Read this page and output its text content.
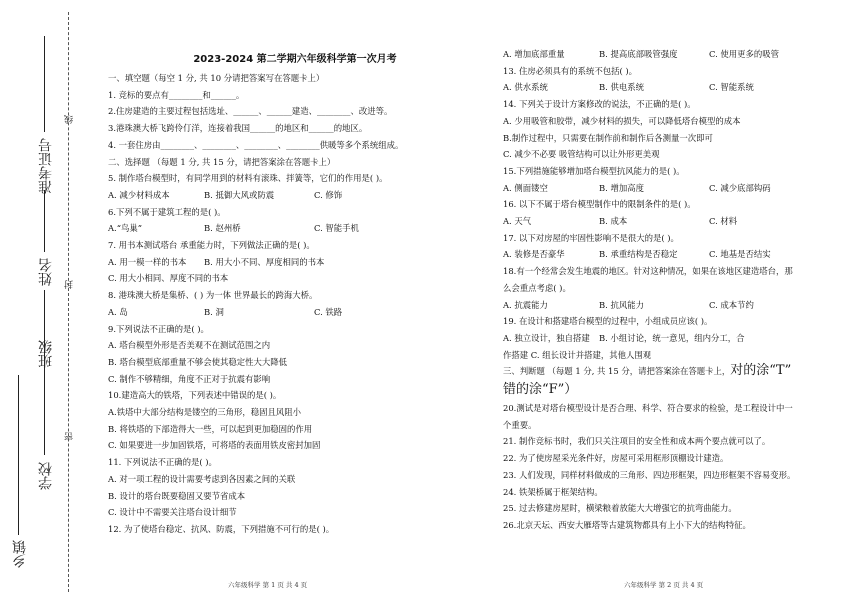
乡镇
学校
班级
姓名
准考证号
密
封
线
2023-2024 第二学期六年级科学第一次月考

一、填空题（每空 1 分, 共 10 分请把答案写在答题卡上）

1. 竞标的要点有________和______。

2.住房建造的主要过程包括选址、______、______建造、________、改进等。

3.港珠澳大桥飞跨伶仃洋，连接着我国______的地区和______的地区。

4. 一套住房由________、________、________、________供暖等多个系统组成。

二、选择题 （每题 1 分, 共 15 分，请把答案涂在答题卡上）

5. 制作塔台模型时，有同学用到的材料有滚珠、拌簧等，它们的作用是( )。

A. 减少材料成本	B. 抵御大风或防震	C. 修饰

6.下列不属于建筑工程的是( )。

A.“鸟巢”	B. 赵州桥	C. 智能手机

7. 用书本测试塔台 承重能力时，下列做法正确的是( )。

A. 用一模一样的书本	B. 用大小不同、厚度相同的书本

C. 用大小相同、厚度不同的书本

8. 港珠澳大桥是集桥、( ) 为一体 世界最长的跨海大桥。

A. 岛	B. 洞	C. 铁路

9.下列说法不正确的是( )。

A. 塔台模型外形是否美观不在测试范围之内

B. 塔台模型底部重量不够会使其稳定性大大降低

C. 制作不够精细，角度不正对于抗震有影响

10.建造高大的铁塔，下列表述中错误的是( )。

A.铁塔中大部分结构是镂空的三角形，稳固且风阻小

B. 将铁塔的下部造得大一些，可以起到更加稳固的作用

C. 如果要进一步加固铁塔，可将塔的表面用铁皮密封加固

11. 下列说法不正确的是( )。

A. 对一项工程的设计需要考虑到各因素之间的关联

B. 设计的塔台既要稳固又要节省成本

C. 设计中不需要关注塔台设计细节

12. 为了使塔台稳定、抗风、防震，下列措施不可行的是( )。

A. 增加底部重量	B. 提高底部吸管强度	C. 使用更多的吸管

13. 住房必须具有的系统不包括( )。

A. 供水系统	B. 供电系统	C. 智能系统

14. 下列关于设计方案修改的说法，不正确的是( )。

A. 少用吸管和胶带，减少材料的损失，可以降低塔台模型的成本

B.制作过程中，只需要在制作前和制作后各测量一次即可

C. 减少不必要 吸管结构可以让外形更美观

15.下列措施能够增加塔台模型抗风能力的是( )。

A. 侧面镂空	B. 增加高度	C. 减少底部钩码

16. 以下不属于塔台模型制作中的限制条件的是( )。

A. 天气	B. 成本	C. 材料

17. 以下对房屋的牢固性影响不是很大的是( )。

A. 装修是否豪华	B. 承重结构是否稳定	C. 地基是否结实

18.有一个经常会发生地震的地区。针对这种情况，如果在该地区建造塔台，那

么会重点考虑( )。

A. 抗震能力	B. 抗风能力	C. 成本节约

19. 在设计和搭建塔台模型的过程中，小组成员应该( )。

A. 独立设计，独自搭建	B. 小组讨论，统一意见，组内分工，合

作搭建 C. 组长设计并搭建，其他人围观

三、判断题 （每题 1 分, 共 15 分，请把答案涂在答题卡上，对的涂“T”

错的涂“F”）

20.测试是对塔台模型设计是否合理、科学、符合要求的检验，是工程设计中一

个重要。

21. 制作竞标书时，我们只关注项目的安全性和成本两个要点就可以了。

22. 为了使房屋采光条件好，房屋可采用框形顶棚设计建造。

23. 人们发现，同样材料做成的三角形、四边形框架，四边形框架不容易变形。

24. 铁架桥属于框架结构。

25. 过去修建房屋时，横梁粮着放能大大增强它的抗弯曲能力。

26.北京天坛、西安大雁塔等古建筑物都具有上小下大的结构特征。

六年级科学 第 1 页 共 4 页	六年级科学 第 2 页 共 4 页
